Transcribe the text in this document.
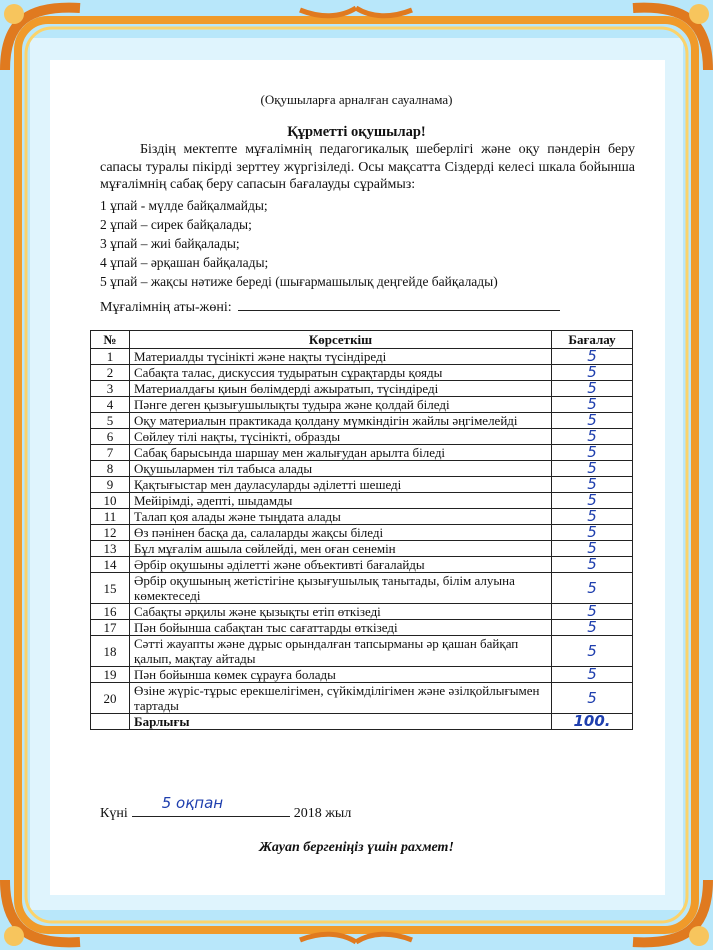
(Оқушыларға арналған сауалнама)
Құрметті оқушылар!
Біздің мектепте мұғалімнің педагогикалық шеберлігі және оқу пәндерін беру сапасы туралы пікірді зерттеу жүргізіледі. Осы мақсатта Сіздерді келесі шкала бойынша мұғалімнің сабақ беру сапасын бағалауды сұраймыз:
1 ұпай - мүлде байқалмайды;
2 ұпай – сирек байқалады;
3 ұпай – жиі байқалады;
4 ұпай – әрқашан байқалады;
5 ұпай – жақсы нәтиже береді (шығармашылық деңгейде байқалады)
Мұғалімнің аты-жөні:
№	Көрсеткіш	Бағалау
1	Материалды түсінікті және нақты түсіндіреді	5
2	Сабақта талас, дискуссия тудыратын сұрақтарды қояды	5
3	Материалдағы қиын бөлімдерді ажыратып, түсіндіреді	5
4	Пәнге деген қызығушылықты тудыра және қолдай біледі	5
5	Оқу материалын практикада қолдану мүмкіндігін жайлы әңгімелейді	5
6	Сөйлеу тілі нақты, түсінікті, образды	5
7	Сабақ барысында шаршау мен жалығудан арылта біледі	5
8	Оқушылармен тіл табыса алады	5
9	Қақтығыстар мен дауласуларды әділетті шешеді	5
10	Мейірімді, әдепті, шыдамды	5
11	Талап қоя алады және тыңдата алады	5
12	Өз пәнінен басқа да, салаларды жақсы біледі	5
13	Бұл мұғалім ашыла сөйлейді, мен оған сенемін	5
14	Әрбір оқушыны әділетті және объективті бағалайды	5
15	Әрбір оқушының жетістігіне қызығушылық танытады, білім алуына көмектеседі	5
16	Сабақты әрқилы және қызықты етіп өткізеді	5
17	Пән бойынша сабақтан тыс сағаттарды өткізеді	5
18	Сәтті жауапты және дұрыс орындалған тапсырманы әр қашан байқап қалып, мақтау айтады	5
19	Пән бойынша көмек сұрауға болады	5
20	Өзіне жүріс-тұрыс ерекшелігімен, сүйкімділігімен және әзілқойлығымен тартады	5
	Барлығы	100.
Күні
5 оқпан
2018 жыл
Жауап бергеніңіз үшін рахмет!
